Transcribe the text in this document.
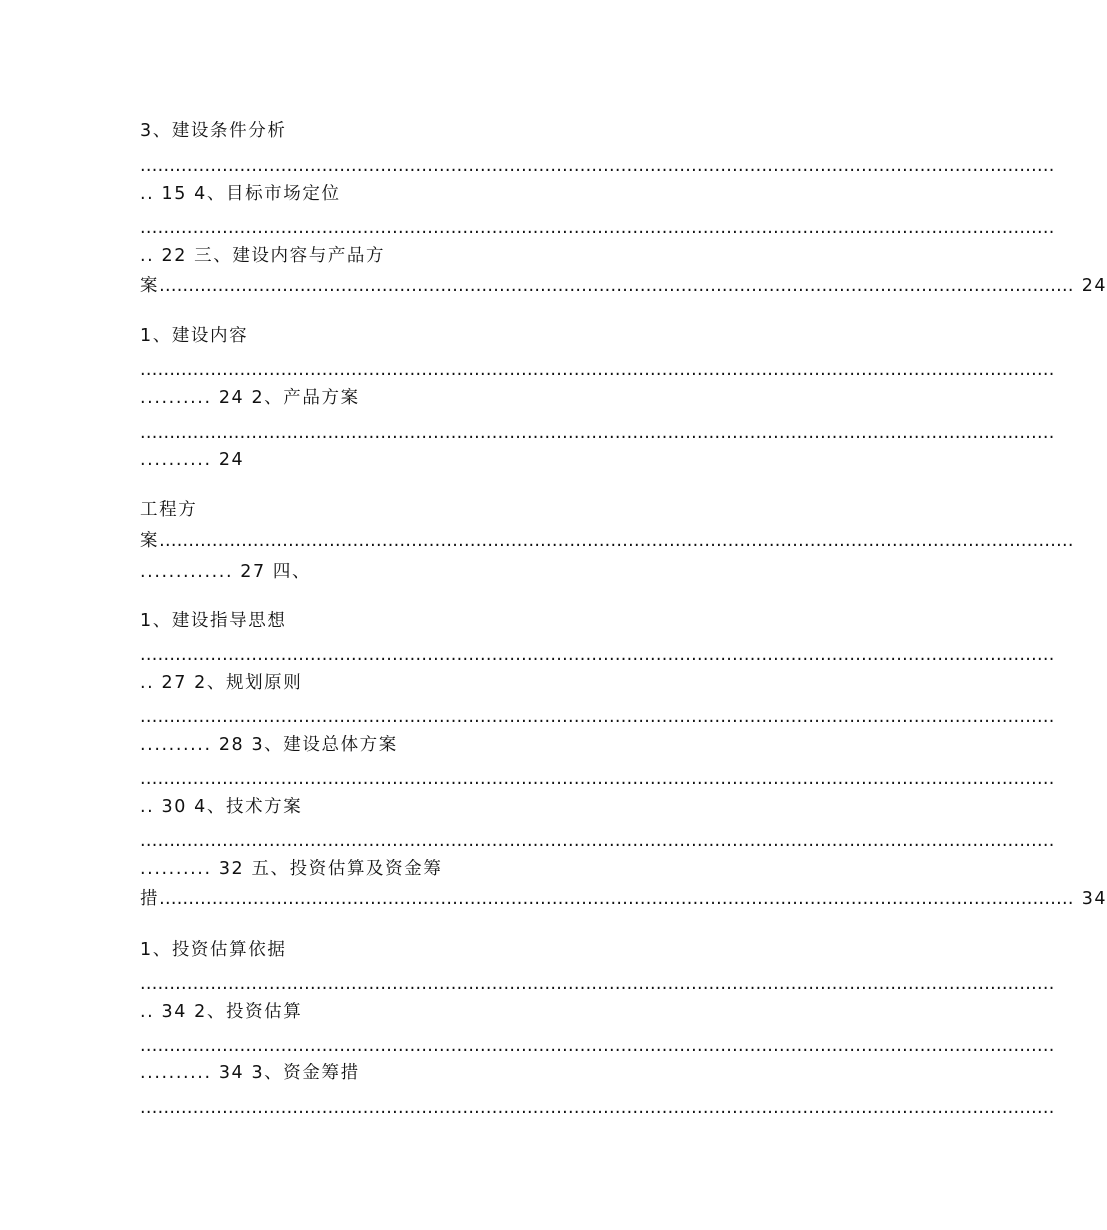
3、建设条件分析
............................................................................................................................................................
.. 15 4、目标市场定位
............................................................................................................................................................
.. 22 三、建设内容与产品方
案 ............................................................................................................................................................ 24
1、建设内容
............................................................................................................................................................
.......... 24 2、产品方案
............................................................................................................................................................
.......... 24
工程方
案 ............................................................................................................................................................
............. 27 四、
1、建设指导思想
............................................................................................................................................................
.. 27 2、规划原则
............................................................................................................................................................
.......... 28 3、建设总体方案
............................................................................................................................................................
.. 30 4、技术方案
............................................................................................................................................................
.......... 32 五、投资估算及资金筹
措 ............................................................................................................................................................ 34
1、投资估算依据
............................................................................................................................................................
.. 34 2、投资估算
............................................................................................................................................................
.......... 34 3、资金筹措
............................................................................................................................................................
